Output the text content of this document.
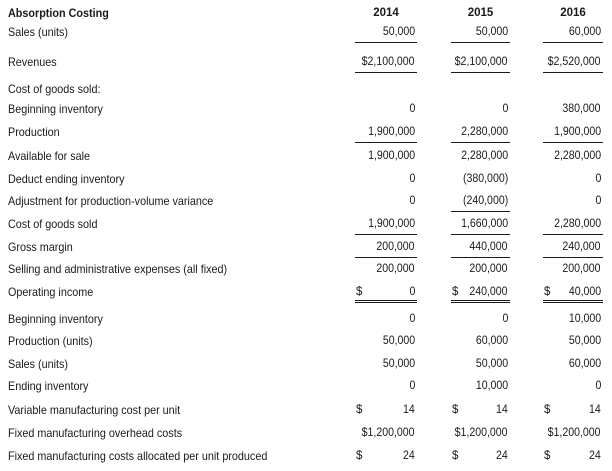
Absorption Costing	2014	2015	2016
Sales (units)	50,000	50,000	60,000
Revenues	$2,100,000	$2,100,000	$2,520,000
Cost of goods sold:
Beginning inventory	0	0	380,000
Production	1,900,000	2,280,000	1,900,000
Available for sale	1,900,000	2,280,000	2,280,000
Deduct ending inventory	0	(380,000)	0
Adjustment for production-volume variance	0	(240,000)	0
Cost of goods sold	1,900,000	1,660,000	2,280,000
Gross margin	200,000	440,000	240,000
Selling and administrative expenses (all fixed)	200,000	200,000	200,000
Operating income	$	0	$ 240,000	$ 40,000
Beginning inventory	0	0	10,000
Production (units)	50,000	60,000	50,000
Sales (units)	50,000	50,000	60,000
Ending inventory	0	10,000	0
Variable manufacturing cost per unit	$	14	$	14	$	14
Fixed manufacturing overhead costs	$1,200,000	$1,200,000	$1,200,000
Fixed manufacturing costs allocated per unit produced	$	24	$	24	$	24
